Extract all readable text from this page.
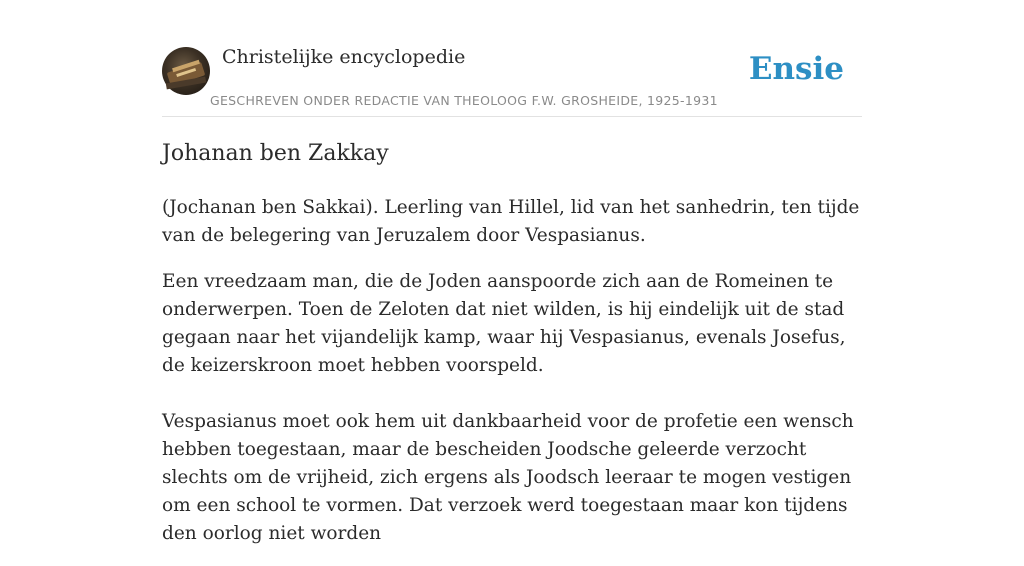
Christelijke encyclopedie
GESCHREVEN ONDER REDACTIE VAN THEOLOOG F.W. GROSHEIDE, 1925-1931
Ensie
Johanan ben Zakkay

(Jochanan ben Sakkai). Leerling van Hillel, lid van het sanhedrin, ten tijde van de belegering van Jeruzalem door Vespasianus.

Een vreedzaam man, die de Joden aanspoorde zich aan de Romeinen te onderwerpen. Toen de Zeloten dat niet wilden, is hij eindelijk uit de stad gegaan naar het vijandelijk kamp, waar hij Vespasianus, evenals Josefus, de keizerskroon moet hebben voorspeld.

Vespasianus moet ook hem uit dankbaarheid voor de profetie een wensch hebben toegestaan, maar de bescheiden Joodsche geleerde verzocht slechts om de vrijheid, zich ergens als Joodsch leeraar te mogen vestigen om een school te vormen. Dat verzoek werd toegestaan maar kon tijdens den oorlog niet worden
